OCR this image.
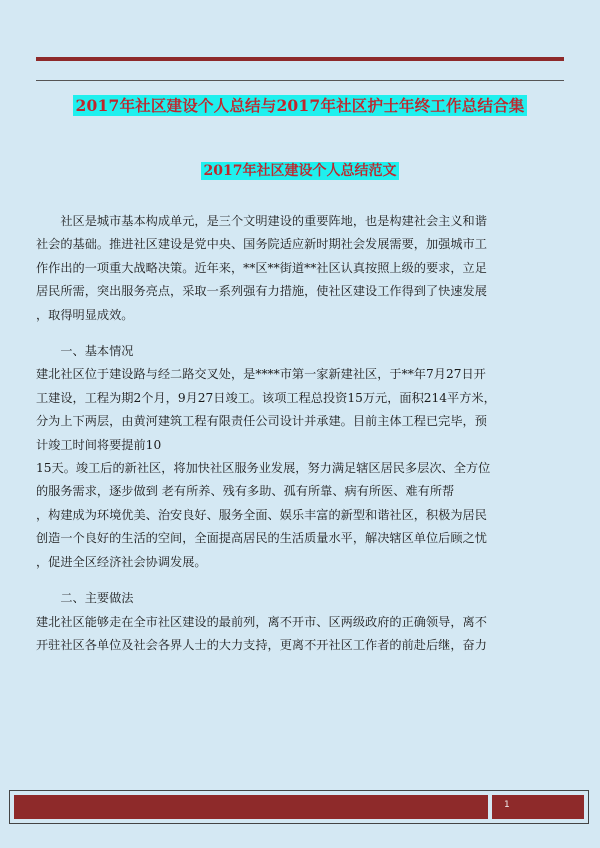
2017年社区建设个人总结与2017年社区护士年终工作总结合集
2017年社区建设个人总结范文

　　社区是城市基本构成单元，是三个文明建设的重要阵地，也是构建社会主义和谐

社会的基础。推进社区建设是党中央、国务院适应新时期社会发展需要，加强城市工

作作出的一项重大战略决策。近年来，**区**街道**社区认真按照上级的要求，立足

居民所需，突出服务亮点，采取一系列强有力措施，使社区建设工作得到了快速发展

，取得明显成效。

　　一、基本情况

建北社区位于建设路与经二路交叉处，是****市第一家新建社区，于**年7月27日开

工建设，工程为期2个月，9月27日竣工。该项工程总投资15万元，面积214平方米，

分为上下两层，由黄河建筑工程有限责任公司设计并承建。目前主体工程已完毕，预

计竣工时间将要提前10

15天。竣工后的新社区，将加快社区服务业发展，努力满足辖区居民多层次、全方位

的服务需求，逐步做到 老有所养、残有多助、孤有所靠、病有所医、难有所帮

，构建成为环境优美、治安良好、服务全面、娱乐丰富的新型和谐社区，积极为居民

创造一个良好的生活的空间，全面提高居民的生活质量水平，解决辖区单位后顾之忧

，促进全区经济社会协调发展。

　　二、主要做法

建北社区能够走在全市社区建设的最前列，离不开市、区两级政府的正确领导，离不

开驻社区各单位及社会各界人士的大力支持，更离不开社区工作者的前赴后继，奋力

1
